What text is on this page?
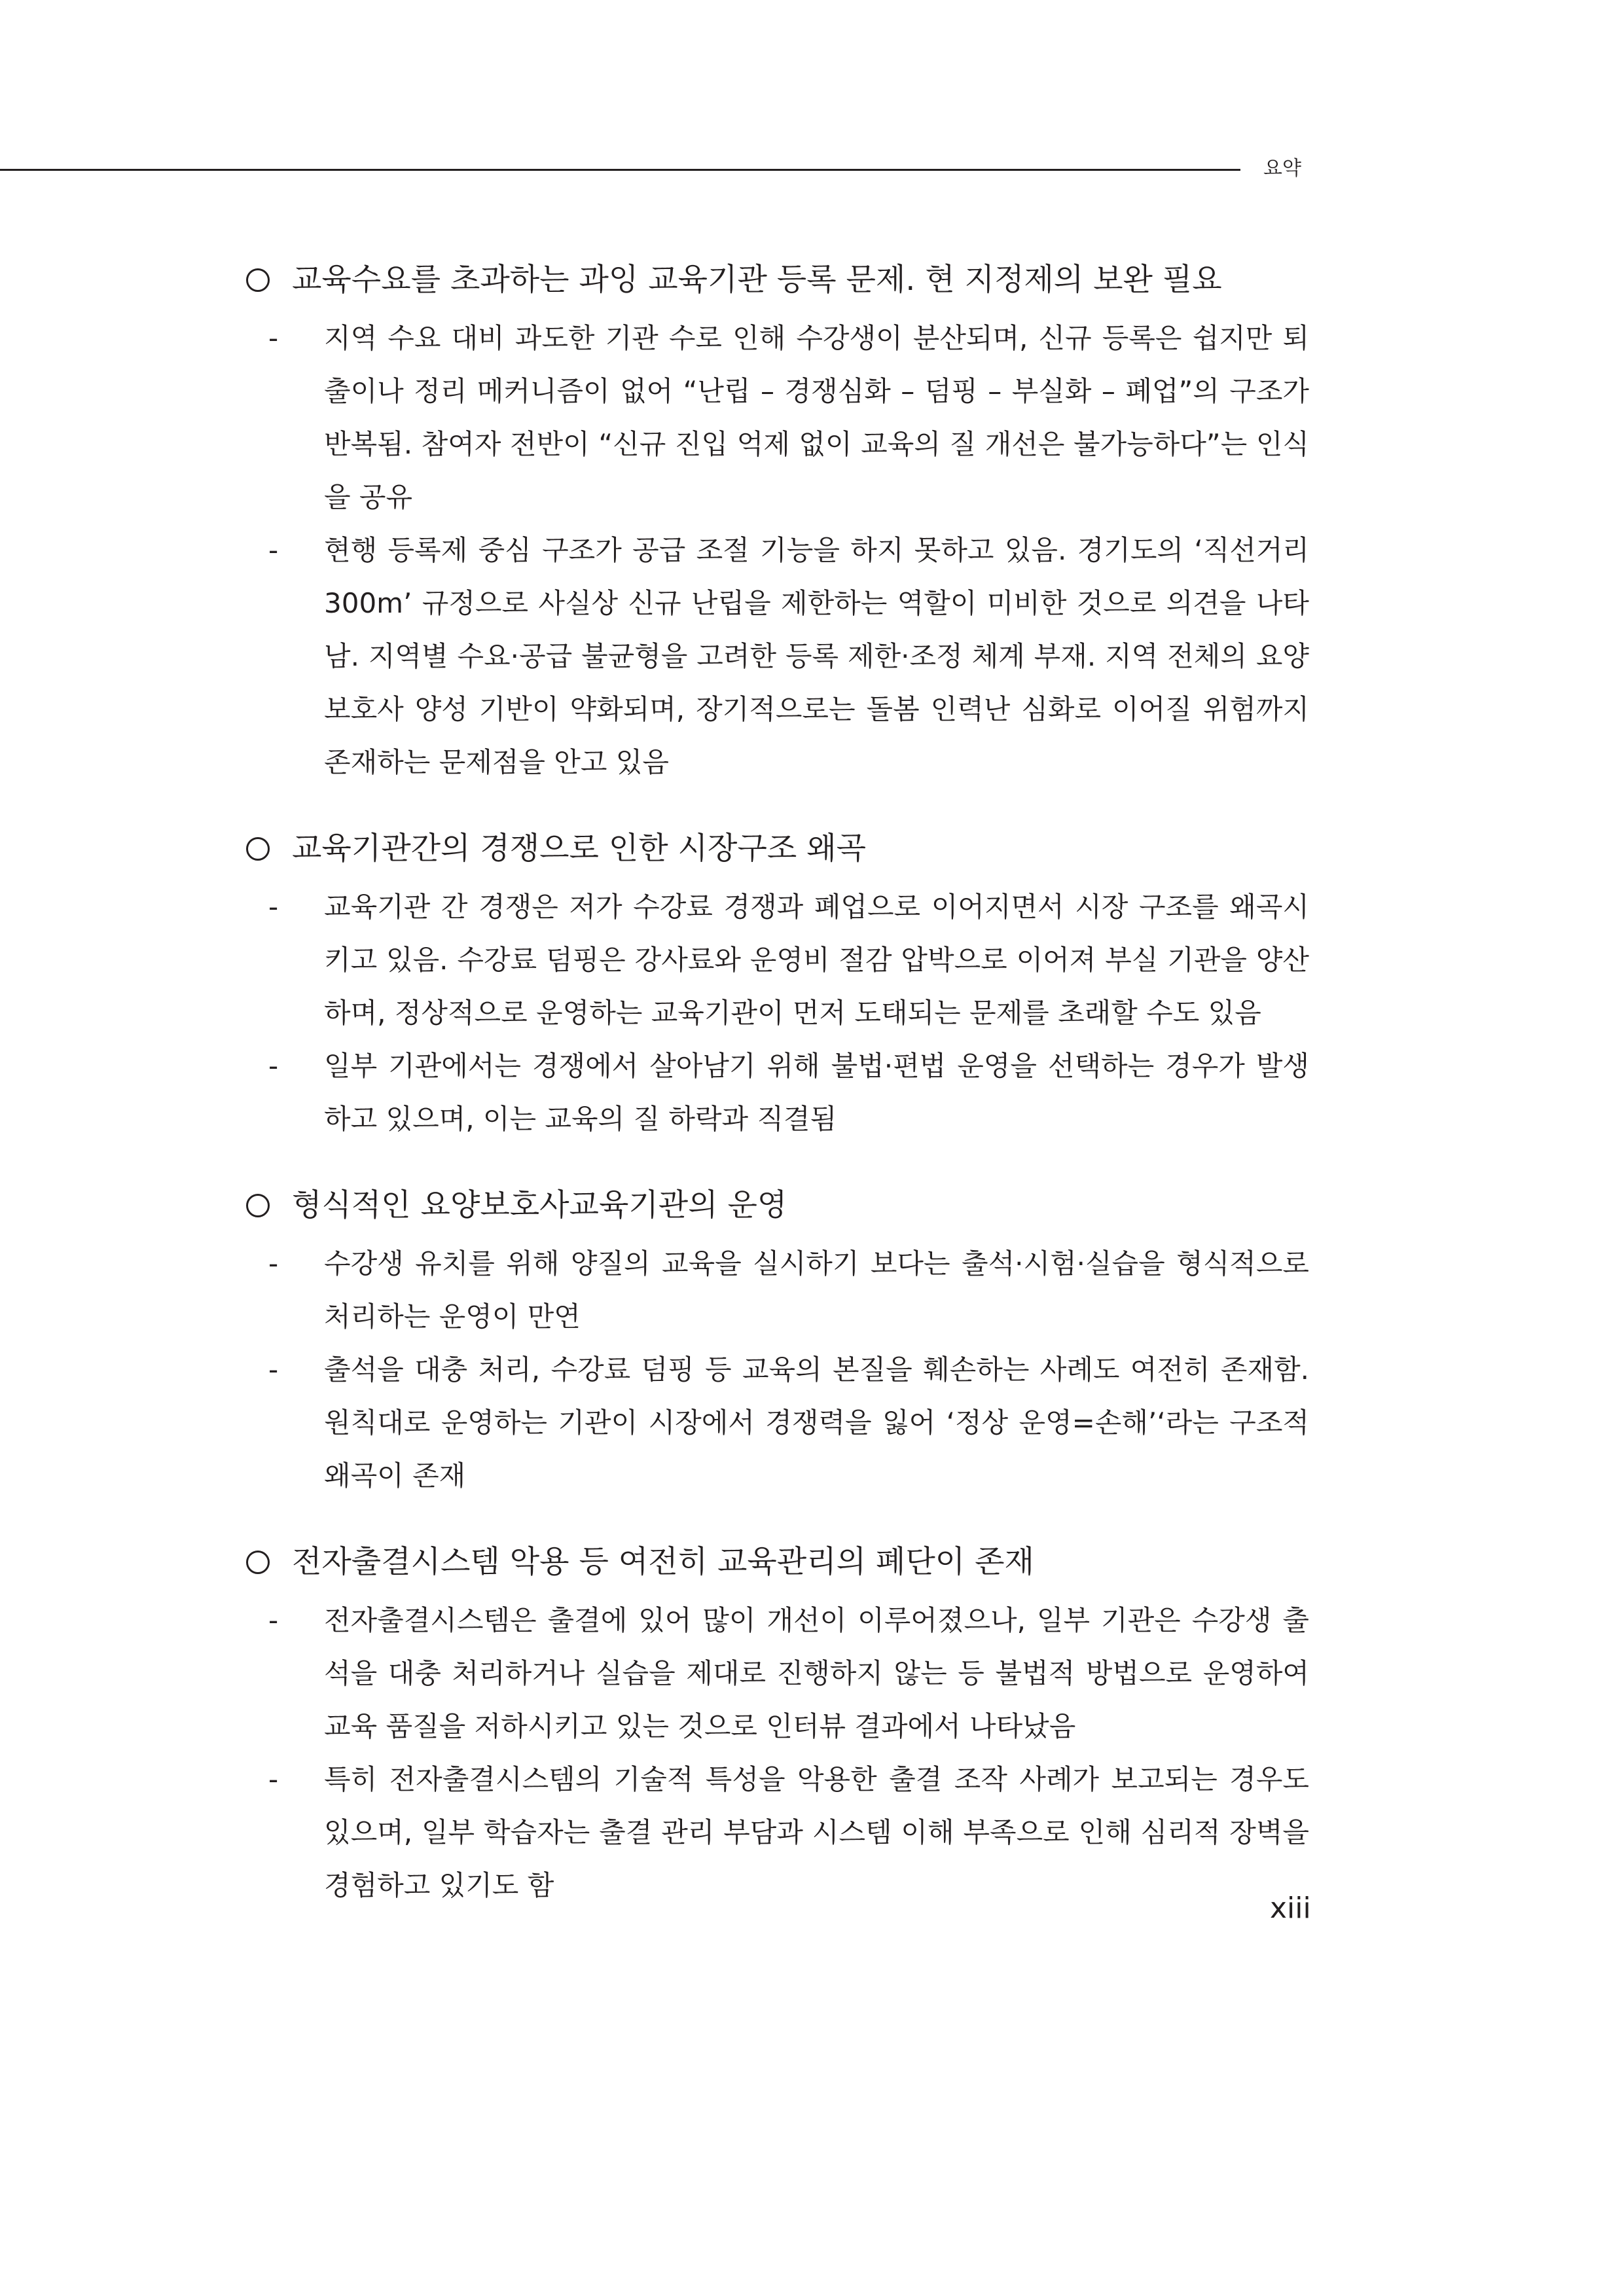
요약
교육수요를 초과하는 과잉 교육기관 등록 문제. 현 지정제의 보완 필요
-	지역 수요 대비 과도한 기관 수로 인해 수강생이 분산되며, 신규 등록은 쉽지만 퇴출이나 정리 메커니즘이 없어 “난립 – 경쟁심화 – 덤핑 – 부실화 – 폐업”의 구조가 반복됨. 참여자 전반이 “신규 진입 억제 없이 교육의 질 개선은 불가능하다”는 인식을 공유
-	현행 등록제 중심 구조가 공급 조절 기능을 하지 못하고 있음. 경기도의 ‘직선거리 300m’ 규정으로 사실상 신규 난립을 제한하는 역할이 미비한 것으로 의견을 나타남. 지역별 수요·공급 불균형을 고려한 등록 제한·조정 체계 부재. 지역 전체의 요양보호사 양성 기반이 약화되며, 장기적으로는 돌봄 인력난 심화로 이어질 위험까지 존재하는 문제점을 안고 있음
교육기관간의 경쟁으로 인한 시장구조 왜곡
-	교육기관 간 경쟁은 저가 수강료 경쟁과 폐업으로 이어지면서 시장 구조를 왜곡시키고 있음. 수강료 덤핑은 강사료와 운영비 절감 압박으로 이어져 부실 기관을 양산하며, 정상적으로 운영하는 교육기관이 먼저 도태되는 문제를 초래할 수도 있음
-	일부 기관에서는 경쟁에서 살아남기 위해 불법·편법 운영을 선택하는 경우가 발생하고 있으며, 이는 교육의 질 하락과 직결됨
형식적인 요양보호사교육기관의 운영
-	수강생 유치를 위해 양질의 교육을 실시하기 보다는 출석·시험·실습을 형식적으로 처리하는 운영이 만연
-	출석을 대충 처리, 수강료 덤핑 등 교육의 본질을 훼손하는 사례도 여전히 존재함. 원칙대로 운영하는 기관이 시장에서 경쟁력을 잃어 ‘정상 운영=손해’‘라는 구조적 왜곡이 존재
전자출결시스템 악용 등 여전히 교육관리의 폐단이 존재
-	전자출결시스템은 출결에 있어 많이 개선이 이루어졌으나, 일부 기관은 수강생 출석을 대충 처리하거나 실습을 제대로 진행하지 않는 등 불법적 방법으로 운영하여 교육 품질을 저하시키고 있는 것으로 인터뷰 결과에서 나타났음
-	특히 전자출결시스템의 기술적 특성을 악용한 출결 조작 사례가 보고되는 경우도 있으며, 일부 학습자는 출결 관리 부담과 시스템 이해 부족으로 인해 심리적 장벽을 경험하고 있기도 함
xiii
